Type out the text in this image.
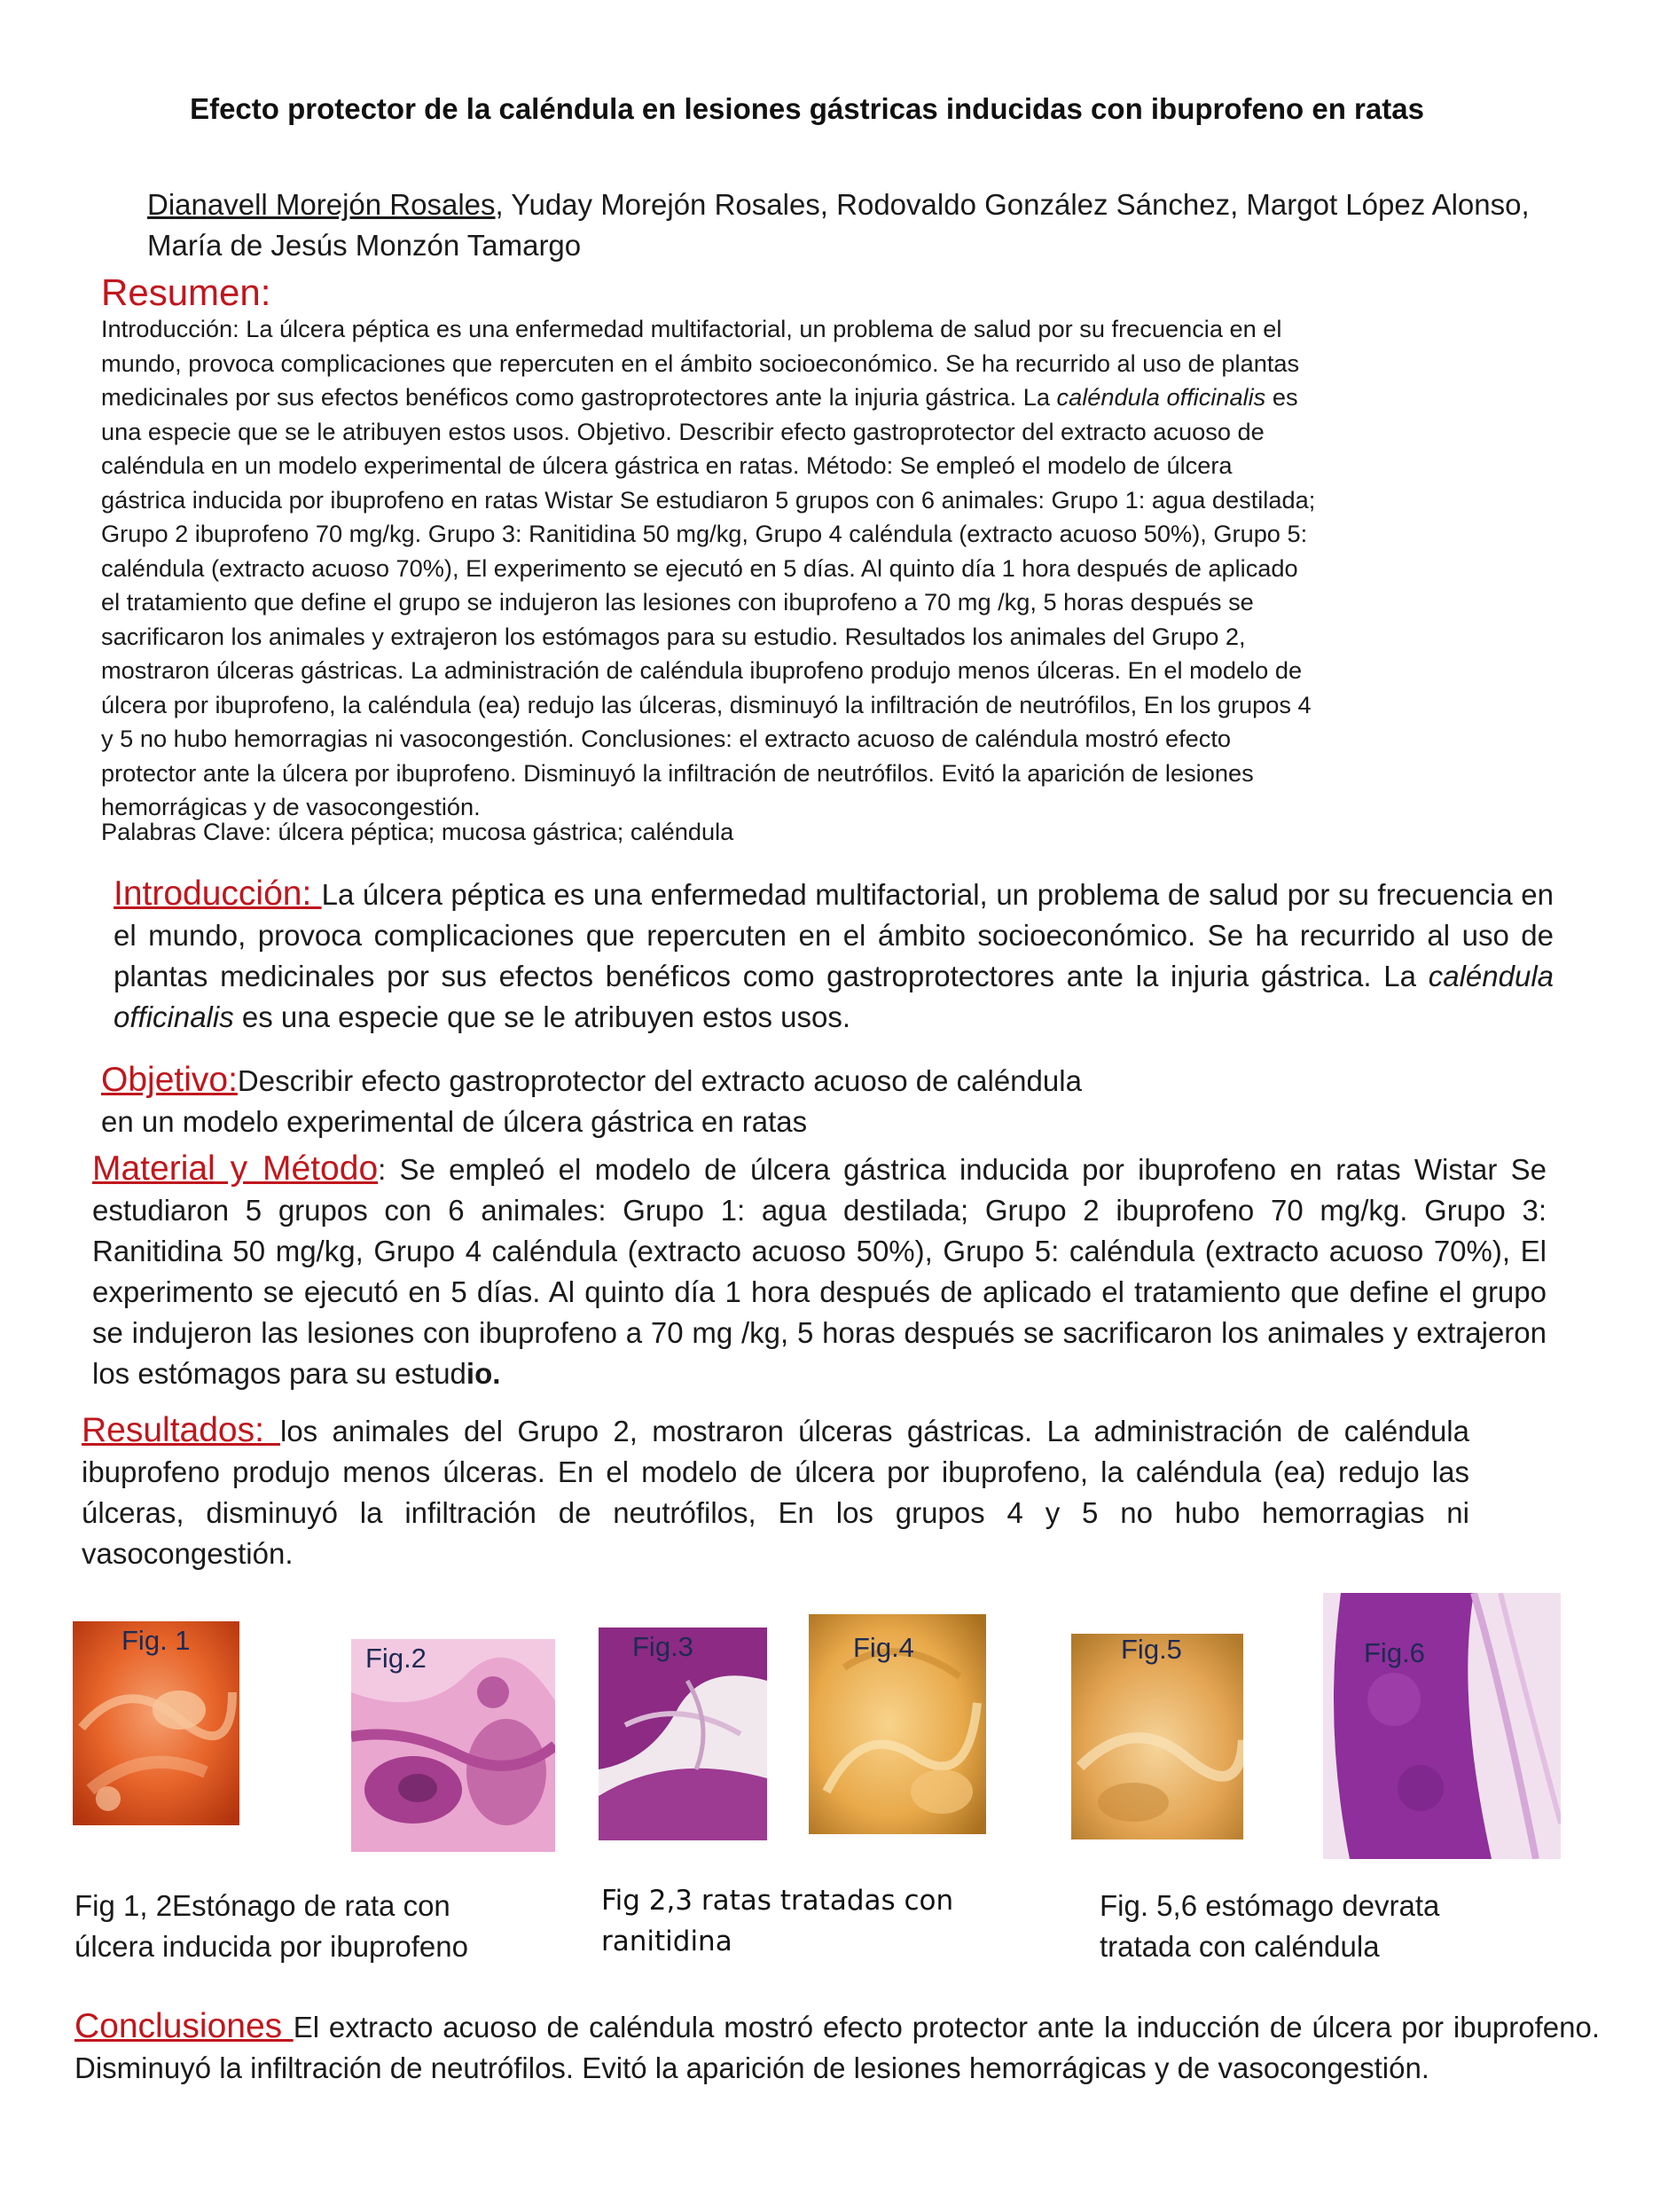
Efecto protector de la caléndula en lesiones gástricas inducidas con ibuprofeno en ratas
Dianavell Morejón Rosales, Yuday Morejón Rosales, Rodovaldo González Sánchez, Margot López Alonso, María de Jesús Monzón Tamargo
Resumen:

Introducción: La úlcera péptica es una enfermedad multifactorial, un problema de salud por su frecuencia en el

mundo, provoca complicaciones que repercuten en el ámbito socioeconómico. Se ha recurrido al uso de plantas

medicinales por sus efectos benéficos como gastroprotectores ante la injuria gástrica. La caléndula officinalis es

una especie que se le atribuyen estos usos. Objetivo. Describir efecto gastroprotector del extracto acuoso de

caléndula en un modelo experimental de úlcera gástrica en ratas. Método: Se empleó el modelo de úlcera

gástrica inducida por ibuprofeno en ratas Wistar Se estudiaron 5 grupos con 6 animales: Grupo 1: agua destilada;

Grupo 2 ibuprofeno 70 mg/kg. Grupo 3: Ranitidina 50 mg/kg, Grupo 4 caléndula (extracto acuoso 50%), Grupo 5:

caléndula (extracto acuoso 70%), El experimento se ejecutó en 5 días. Al quinto día 1 hora después de aplicado

el tratamiento que define el grupo se indujeron las lesiones con ibuprofeno a 70 mg /kg, 5 horas después se

sacrificaron los animales y extrajeron los estómagos para su estudio. Resultados los animales del Grupo 2,

mostraron úlceras gástricas. La administración de caléndula ibuprofeno produjo menos úlceras. En el modelo de

úlcera por ibuprofeno, la caléndula (ea) redujo las úlceras, disminuyó la infiltración de neutrófilos, En los grupos 4

y 5 no hubo hemorragias ni vasocongestión. Conclusiones: el extracto acuoso de caléndula mostró efecto

protector ante la úlcera por ibuprofeno. Disminuyó la infiltración de neutrófilos. Evitó la aparición de lesiones

hemorrágicas y de vasocongestión.

Palabras Clave: úlcera péptica; mucosa gástrica; caléndula
Introducción: La úlcera péptica es una enfermedad multifactorial, un problema de salud por su frecuencia en el mundo, provoca complicaciones que repercuten en el ámbito socioeconómico. Se ha recurrido al uso de plantas medicinales por sus efectos benéficos como gastroprotectores ante la injuria gástrica. La caléndula officinalis es una especie que se le atribuyen estos usos.
Objetivo:Describir efecto gastroprotector del extracto acuoso de caléndula
en un modelo experimental de úlcera gástrica en ratas
Material y Método: Se empleó el modelo de úlcera gástrica inducida por ibuprofeno en ratas Wistar Se estudiaron 5 grupos con 6 animales: Grupo 1: agua destilada; Grupo 2 ibuprofeno 70 mg/kg. Grupo 3: Ranitidina 50 mg/kg, Grupo 4 caléndula (extracto acuoso 50%), Grupo 5: caléndula (extracto acuoso 70%), El experimento se ejecutó en 5 días. Al quinto día 1 hora después de aplicado el tratamiento que define el grupo se indujeron las lesiones con ibuprofeno a 70 mg /kg, 5 horas después se sacrificaron los animales y extrajeron los estómagos para su estudio.
Resultados: los animales del Grupo 2, mostraron úlceras gástricas. La administración de caléndula ibuprofeno produjo menos úlceras. En el modelo de úlcera por ibuprofeno, la caléndula (ea) redujo las úlceras, disminuyó la infiltración de neutrófilos, En los grupos 4 y 5 no hubo hemorragias ni vasocongestión.
Fig. 1
Fig.2	Fig.3	Fig.4	Fig.5	Fig.6
Fig 1, 2Estónago de rata con úlcera inducida por ibuprofeno
Fig 2,3 ratas tratadas con ranitidina
Fig. 5,6 estómago devrata tratada con caléndula
Conclusiones El extracto acuoso de caléndula mostró efecto protector ante la inducción de úlcera por ibuprofeno. Disminuyó la infiltración de neutrófilos. Evitó la aparición de lesiones hemorrágicas y de vasocongestión.
